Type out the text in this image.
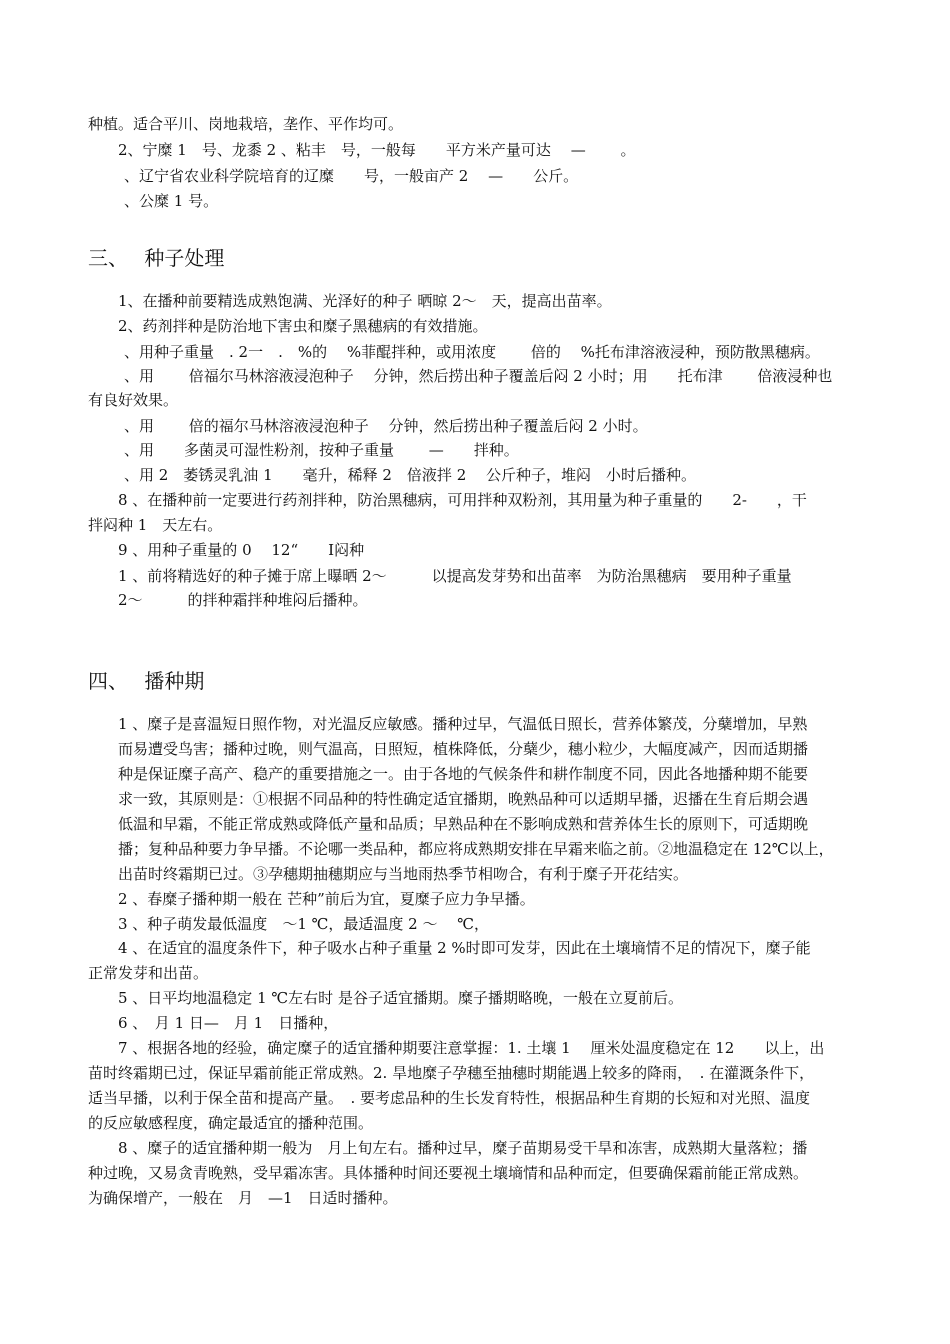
种植。适合平川、岗地栽培，垄作、平作均可。
2、宁糜 1　号、龙黍 2 、粘丰　号，一般每　　平方米产量可达　 —　　 。
、辽宁省农业科学院培育的辽糜　　号，一般亩产 2　 —　　公斤。
、公糜 1 号。
三、　 种子处理
1、在播种前要精选成熟饱满、光泽好的种子 晒晾 2～　天，提高出苗率。
2、药剂拌种是防治地下害虫和糜子黑穗病的有效措施。
、用种子重量　. 2一　.　%的　 %菲醌拌种，或用浓度　　 倍的　 %托布津溶液浸种，预防散黑穗病。
、用　　 倍福尔马林溶液浸泡种子　 分钟，然后捞出种子覆盖后闷 2 小时；用　　托布津　　 倍液浸种也
有良好效果。
、用　　 倍的福尔马林溶液浸泡种子　 分钟，然后捞出种子覆盖后闷 2 小时。
、用　　多菌灵可湿性粉剂，按种子重量　　 —　　拌种。
、用 2　萎锈灵乳油 1　　毫升，稀释 2　倍液拌 2　 公斤种子，堆闷　小时后播种。
8 、在播种前一定要进行药剂拌种，防治黑穗病，可用拌种双粉剂，其用量为种子重量的　　2-　　，干
拌闷种 1　天左右。
9 、用种子重量的 0　 12“　　Ⅰ闷种
1 、前将精选好的种子摊于席上曝晒 2～　　　以提高发芽势和出苗率　为防治黑穗病　要用种子重量
2～　　　的拌种霜拌种堆闷后播种。
四、　 播种期
1 、糜子是喜温短日照作物，对光温反应敏感。播种过早，气温低日照长，营养体繁茂，分蘖增加，早熟
而易遭受鸟害；播种过晚，则气温高，日照短，植株降低，分蘖少，穗小粒少，大幅度减产，因而适期播
种是保证糜子高产、稳产的重要措施之一。由于各地的气候条件和耕作制度不同，因此各地播种期不能要
求一致，其原则是：①根据不同品种的特性确定适宜播期，晚熟品种可以适期早播，迟播在生育后期会遇
低温和早霜，不能正常成熟或降低产量和品质；早熟品种在不影响成熟和营养体生长的原则下，可适期晚
播；复种品种要力争早播。不论哪一类品种，都应将成熟期安排在早霜来临之前。②地温稳定在 12℃以上，
出苗时终霜期已过。③孕穗期抽穗期应与当地雨热季节相吻合，有利于糜子开花结实。
2 、春糜子播种期一般在 芒种”前后为宜，夏糜子应力争早播。
3 、种子萌发最低温度　～1 ℃，最适温度 2 ～　 ℃，
4 、在适宜的温度条件下，种子吸水占种子重量 2 %时即可发芽，因此在土壤墒情不足的情况下，糜子能
正常发芽和出苗。
5 、日平均地温稳定 1 ℃左右时 是谷子适宜播期。糜子播期略晚，一般在立夏前后。
6 、　月 1 日—　月 1　日播种，
7 、根据各地的经验，确定糜子的适宜播种期要注意掌握：1. 土壤 1　 厘米处温度稳定在 12　　以上，出
苗时终霜期已过，保证早霜前能正常成熟。2. 旱地糜子孕穗至抽穗时期能遇上较多的降雨，　. 在灌溉条件下，
适当早播，以利于保全苗和提高产量。　. 要考虑品种的生长发育特性，根据品种生育期的长短和对光照、温度
的反应敏感程度，确定最适宜的播种范围。
8 、糜子的适宜播种期一般为　月上旬左右。播种过早，糜子苗期易受干旱和冻害，成熟期大量落粒；播
种过晚，又易贪青晚熟，受早霜冻害。具体播种时间还要视土壤墒情和品种而定，但要确保霜前能正常成熟。
为确保增产，一般在　月　—1　日适时播种。
